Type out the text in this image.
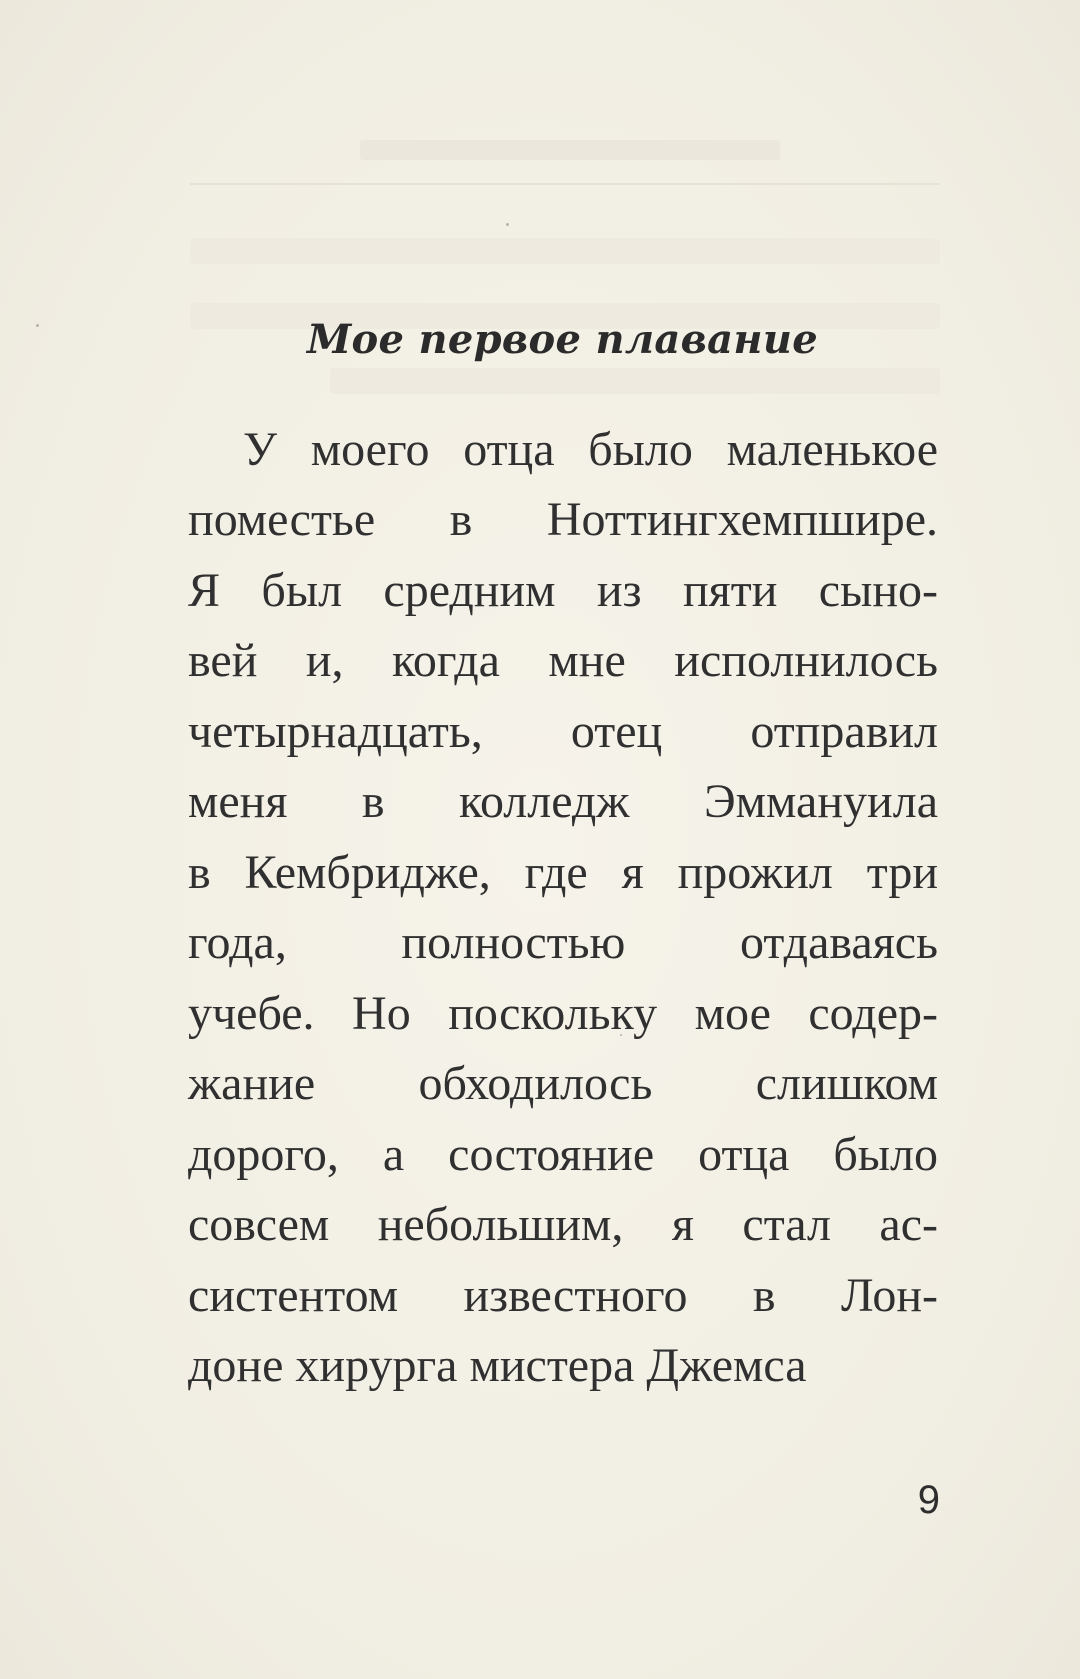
Мое первое плавание
У моего отца было маленькое
поместье в Ноттингхемпшире.
Я был средним из пяти сыно-
вей и, когда мне исполнилось
четырнадцать, отец отправил
меня в колледж Эммануила
в Кембридже, где я прожил три
года, полностью отдаваясь
учебе. Но поскольку мое содер-
жание обходилось слишком
дорого, а состояние отца было
совсем небольшим, я стал ас-
систентом известного в Лон-
доне хирурга мистера Джемса
9
